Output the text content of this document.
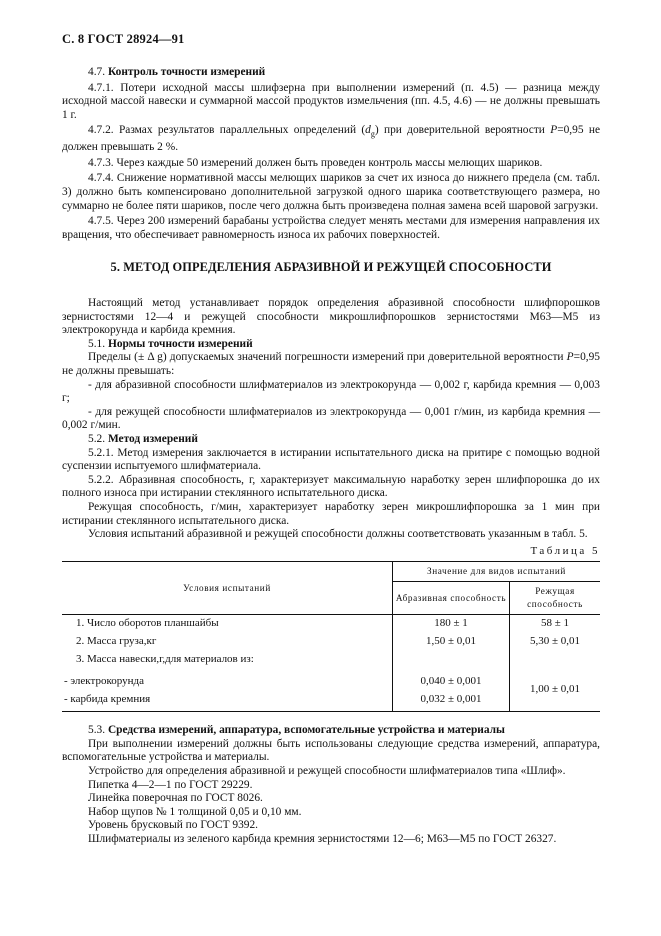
С. 8 ГОСТ 28924—91

4.7. Контроль точности измерений

4.7.1. Потери исходной массы шлифзерна при выполнении измерений (п. 4.5) — разница между исходной массой навески и суммарной массой продуктов измельчения (пп. 4.5, 4.6) — не должны превышать 1 г.

4.7.2. Размах результатов параллельных определений $(d_g)$ при доверительной вероятности P=0,95 не должен превышать 2 %.

4.7.3. Через каждые 50 измерений должен быть проведен контроль массы мелющих шариков.

4.7.4. Снижение нормативной массы мелющих шариков за счет их износа до нижнего предела (см. табл. 3) должно быть компенсировано дополнительной загрузкой одного шарика соответствующего размера, но суммарно не более пяти шариков, после чего должна быть произведена полная замена всей шаровой загрузки.

4.7.5. Через 200 измерений барабаны устройства следует менять местами для измерения направления их вращения, что обеспечивает равномерность износа их рабочих поверхностей.

5. МЕТОД ОПРЕДЕЛЕНИЯ АБРАЗИВНОЙ И РЕЖУЩЕЙ СПОСОБНОСТИ

Настоящий метод устанавливает порядок определения абразивной способности шлифпорошков зернистостями 12—4 и режущей способности микрошлифпорошков зернистостями М63—М5 из электрокорунда и карбида кремния.

5.1. Нормы точности измерений

Пределы (± Δ g) допускаемых значений погрешности измерений при доверительной вероятности P=0,95 не должны превышать:

- для абразивной способности шлифматериалов из электрокорунда — 0,002 г, карбида кремния — 0,003 г;

- для режущей способности шлифматериалов из электрокорунда — 0,001 г/мин, из карбида кремния — 0,002 г/мин.

5.2. Метод измерений

5.2.1. Метод измерения заключается в истирании испытательного диска на притире с помощью водной суспензии испытуемого шлифматериала.

5.2.2. Абразивная способность, г, характеризует максимальную наработку зерен шлифпорошка до их полного износа при истирании стеклянного испытательного диска.

Режущая способность, г/мин, характеризует наработку зерен микрошлифпорошка за 1 мин при истирании стеклянного испытательного диска.

Условия испытаний абразивной и режущей способности должны соответствовать указанным в табл. 5.

Таблица 5
Условия испытаний	Значение для видов испытаний	
	Абразивная способность	Режущая способность
1. Число оборотов планшайбы	180 ± 1	58 ± 1
2. Масса груза,кг	1,50 ± 0,01	5,30 ± 0,01
3. Масса навески,г,для материалов из:		
- электрокорунда	0,040 ± 0,001	1,00 ± 0,01
- карбида кремния	0,032 ± 0,001	

5.3. Средства измерений, аппаратура, вспомогательные устройства и материалы

При выполнении измерений должны быть использованы следующие средства измерений, аппаратура, вспомогательные устройства и материалы.

Устройство для определения абразивной и режущей способности шлифматериалов типа «Шлиф».

Пипетка 4—2—1 по ГОСТ 29229.

Линейка поверочная по ГОСТ 8026.

Набор щупов № 1 толщиной 0,05 и 0,10 мм.

Уровень брусковый по ГОСТ 9392.

Шлифматериалы из зеленого карбида кремния зернистостями 12—6; М63—М5 по ГОСТ 26327.
